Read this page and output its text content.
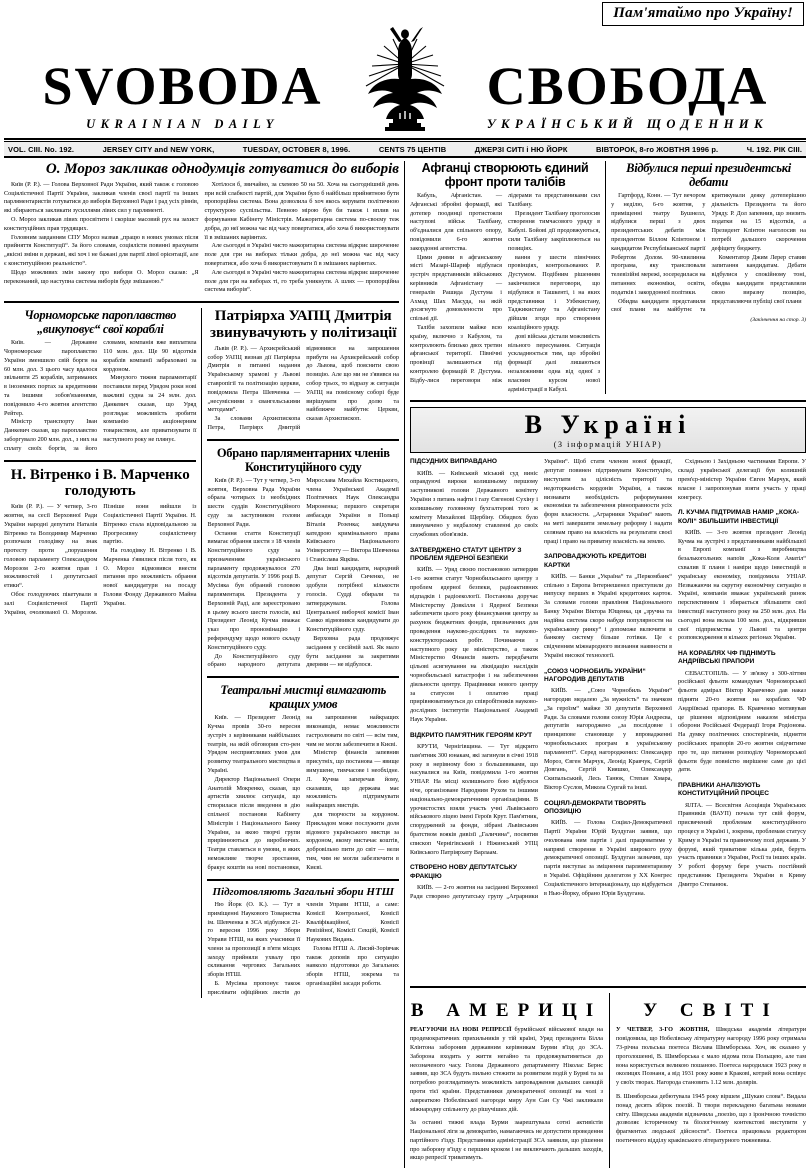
Пам'ятаймо про Україну!
SVOBODA
UKRAINIAN DAILY
СВОБОДА
УКРАЇНСЬКИЙ ЩОДЕННИК
VOL. CIII. No. 192.	JERSEY CITY and NEW YORK,	TUESDAY, OCTOBER 8, 1996.	CENTS 75 ЦЕНТІВ	ДЖЕРЗІ СИТІ і НЮ ЙОРК	ВІВТОРОК, 8-го ЖОВТНЯ 1996 р.	Ч. 192. РІК CIII.
О. Мороз закликав однодумців готуватися до виборів

Київ (Р. Р.). — Голова Верховної Ради України, який також є головою Соціялістичної Партії України, закликав членів своєї партії та інших парляментаристів готуватися до виборів Верховної Ради і рад усіх рівнів, які збираються закликати зусиллями лівих сил у парляменті.

О. Мороз закликав лівих просвітити і скоріше масовий рух на захист конституційних прав трудящих.

Головним завданням СПУ Мороз назвав „працю в нових умовах після прийняття Конституції“. За його словами, соціялісти повинні врахувати „якісні зміни в державі, які хоч і не бажані для партії лівої орієнтації, але є конституційною реальністю“.

Щодо можливих змін закону про вибори О. Мороз сказав: „Я переконаний, що наступна система виборів буде змішаною.“

Хотілося б, звичайно, за схемою 50 на 50. Хоча на сьогоднішній день при всій слабкості партій, для України було б найбільш прийнятною бути пропорційна система. Вона дозволила б хоч якось керувати політичною структурою суспільства. Певною мірою був би також і вплив на формування Кабінету Міністрів. Мажоритарна система по-своєму теж добра, до неї можна час від часу повертатися, або хоча б використовувати її в змішаних варіянтах.

Але сьогодні в Україні чисто мажоритарна система відкриє широченне поле для гри на виборах тільки добра, до неї можна час від часу повертатися, або хоча б використовувати її в змішаних варіянтах.

Але сьогодні в Україні чисто мажоритарна система відкриє широченне поле для гри на виборах ті, го треба уникнути. А шлях — пропорційна система виборів“.

Чорноморське пароплавство „викуповує“ свої кораблі

Київ. — Державне Чорноморське пароплавство України зменшило свій борги на 60 млн. дол. З цього часу вдалося звільнити 25 кораблів, затриманих в іноземних портах за кредитними та іншими зобов'язаннями, повідомило 4-го жовтня агентство Рейтер.

Міністр транспорту Іван Данкевич сказав, що пароплавство заборгувало 200 млн. дол., з них на сплату своїх боргів, за його словами, компанія вже виплатила 110 млн. дол. Ще 90 відсотків кораблів компанії забраховані за кордоном.

Минулого тижня парламентарії поставили перед Урядом роки нові важливі судна за 24 млн. дол. Данкевич сказав, що Уряд розглядає можливість зробити компанію акціонерним товариством, але приватизувати її наступного року не плянує.

Н. Вітренко і В. Марченко голодують

Київ (Р. Р.). — У четвер, 3-го жовтня, на сесії Верховної Ради України народні депутати Наталія Вітренко та Володимир Марченко розпочали голодівку на знак протесту проти „порушення головою парламенту Олександром Морозом 2-го жовтня прав і можливостей і депутатської етики“.

Обоє голодуючих пікетували в залі Соціялістичної Партії України, очолюваної О. Морозом. Пізніше вони вийшли із Соціялістичної Партії України. Н. Вітренко стала відповідальною за Прогресивну соціялістичну партію.

На голодівку Н. Вітренко і В. Марченка з'явилися після того, як О. Мороз відмовився внести питання про можливість обрання нової кандидатури на посаду Голови Фонду Державного Майна України.

Патріярха УАПЦ Дмитрія звинувачують у політизації

Львів (Р. Р.). — Архиєрейський собор УАПЦ визнав дії Патріярха Дмитрія в питанні надання Українському храмові у Львові ставропігії та політизацію церкви, повідомила Петра Шевченка — „несумісними з євангельськими методами“.

За словами Архиєпископа Петра, Патріярх Дмитрій відмовився на запрошення прибути на Архиєрейський собор до Львова, щоб пояснити свою позицію. Але що ми не з'явився на собор трьох, то відразу ж ситуація УАПЦ на помісному соборі буде вирішувати про долю та найближче майбутнє Церкви, сказав Архиєпископ.

Обрано парляментарних членів Конституційного суду

Київ (Р. Р.). — Тут у четвер, 3-го жовтня, Верховна Рада України обрала чотирьох із необхідних шести суддів Конституційного суду за заступником голови Верховної Ради.

Остання стаття Конституції вимагає обрання шести з 18 членів Конституційного суду за призначенням українського парламенту продовжувалося 270 відсотків депутатів. У 1996 році В. Мусіяка був обраний головою парляментаря. Президента у Верховній Раді, але зареєстровано в цьому всього шести голосів, які Президент Леонід Кучма вважає указ про прономінацію і референдуму щодо нового складу Конституційного суду.

До Конституційного суду обрано народного депутата Мирослава Михайла Костицького, члена Української Академії Політичних Наук Олександра Мироненка; першого секретаря амбасади України в Польщі Віталія Розенка; завідувача катедрою кримінального права Київського Національного Університету — Віктора Шевченка і Станіслава Яцківа.

Два інші кандидати, народний депутат Сергій Сиченко, не здобули потрібної кількости голосів. Судді обирали та затверджували. Голова Центральної виборчої комісії Іван Самко відмовився кандидувати до Конституційного суду.

Верховна рада продовжує засідання у сесійній залі. Як мало бути засідання за закритими дверями — не відбулося.

Театральні мистці вимагають кращих умов

Київ. — Президент Леонід Кучма провів 30-го вересня зустріч з керівниками найбільших театрів, на якій обговорив сто-рен Урядом несприятливих умов для розвитку театрального мистецтва в Україні.

Директор Національної Опери Анатолій Мокренко, сказав, що артистів хвилює ситуація, що створилася після введення в дію спільної постанови Кабінету Міністрів і Національного Банку України, за якою творчі групи прирівнюються до виробничих. Театри ставляться в умови, в яких неможливе творче зростання, бракує коштів на нові постановки, на запрошення найкращих виконавців, немає можливости гастролювати по світі — всім тим, чим не могли забезпечити в Києві.

Міністер фінансів запевнив присутніх, що постанова — явище вимушене, тимчасове і необхідне. Л. Кучма заперечав йому, сказавши, що держава має можливість підтримувати найкращих мистців.

для творчости за кордоном. Прикладом може послужити доля відомого українського мистця за кордоном, якому вистачає коштів, добровільно пити до світ — вели тим, чим не могли забезпечити в Києві.

Підготовляють Загальні збори НТШ

Ню Йорк (О. К.). — Тут в приміщенні Наукового Товариства ім. Шевченка в ЗСА відбулися 21-го вересня 1996 року Збори Управи НТШ, на яких учасники її члени за пропозиції в п'яти місцях заходу прийняли ухвалу про скликання чергових Загальних зборів НТШ.

Б. Мусіяка пропонує також прислівати офіційних листів до членів Управи НТШ, а саме: Комісії Контрольної, Комісії Кваліфікаційної, Комісії Ревізійної, Комісії Секцій, Комісії Наукових Видань.

Голова НТШ А. Лисий-Зорівчак також доповів про ситуацію навколо підготовки до Загальних зборів НТШ, зокрема та організаційні засади роботи.

Афганці створюють єдиний фронт проти талібів

Кабуль, Афганістан. — Афганські збройні формації, які дотепер поодинці протистояли наступові військ Талібану, об'єдналися для спільного опору, повідомили 6-го жовтня закордонні агентства.

Цими днями в афганському місті Мазарі-Шариф відбулася зустріч представників військових керівників Афганістану — генералів Рашида Дустума і Ахмад Шах Масуда, на якій досягнуто домовлености про спільні дії.

Таліби захопили майже всю країну, включно з Кабулом, та контролюють близько двох третин афганської території. Північні провінції залишаються під контролею формацій Р. Дустума. Відбу-лися переговори між лідерами та представниками сил Талібану.

Президент Талібану проголосив створення тимчасового уряду в Кабулі. Бойові дії продовжуються, сили Талібану закріплюються на позиціях.

вання у шести північних провінціях, контрольованих Р. Дустумом. Подібним рішенням закінчилися переговори, що відбулися в Ташкенті, і на яких представники і Узбекистану, Таджикистану та Афганістану дійшли згоди про створення коаліційного уряду.

дові війська дістали можливість вільного пересування. Ситуація ускладнюється тим, що збройні формації далі лишаються незалежними одна від одної з власним курсом нової адміністрації в Кабулі.

Відбулися перші президентські дебати

Гартфорд, Конн. — Тут вечором у неділю, 6-го жовтня, у приміщенні театру Бушнелл, відбулися перші з двох президентських дебатів між президентом Біллом Клінтоном і кандидатом Республіканської партії Робертом Долом. 90-хвилинна програма, яку транслювали телевізійні мережі, зосередилася на питаннях економіки, освіти, податків і закордонної політики.

Обидва кандидати представили свої плани на майбутнє та критикували деяку дотеперішню діяльність Президента та його Уряду. Р. Дол запевнив, що знизить податки на 15 відсотків, а Президент Клінтон наголосив на потребі дальшого скорочення дефіциту бюджету.

Коментатор Джим Лерер ставив запитання кандидатам. Дебати відбулися у спокійному тоні, обидва кандидати представляли свою виразну позицію, представляючи публіці свої плани

(Закінчення на стор. 3)
В Україні
(З інформацій УНІАР)
ПІДСУДНИХ ВИПРАВДАНО

КИЇВ. — Київський міський суд виніс оправдуючі вироки колишньому першому заступникові голови Державного комітету України з питань нафти і газу Євгенові Сухіну і колишньому головному бухгалтерові того ж комітету Михайлові Щербіну. Обидвох було звинувачено у недбалому ставленні до своїх службових обов'язків.

ЗАТВЕРДЖЕНО СТАТУТ ЦЕНТРУ З ПРОБЛЕМ ЯДЕРНОЇ БЕЗПЕКИ

КИЇВ. — Уряд своєю постановою затвердив 1-го жовтня статут Чорнобильського центру з проблем ядерної безпеки, радіоактивних відпадків і радіоекології. Постанова доручає Міністерству Довкілля і Ядерної Безпеки забезпечити цього року фінансування центру за рахунок бюджетних фондів, призначених для проведення науково-дослідних та науково-конструкторських робіт. Починаючи з наступного року це міністерство, а також Міністерство Фінансів мають передбачати цільові асигнування на ліквідацію наслідків чорнобильської катастрофи і на забезпечення діяльности центру. Працівники нового центру за статусом і оплатою праці прирівнюватимуться до співробітників науково-дослідних інститутів Національної Академії Наук України.

ВІДКРИТО ПАМ'ЯТНИК ГЕРОЯМ КРУТ

КРУТИ, Чернігівщина. — Тут відкрито пам'ятник 300 юнакам, які загинули в січні 1918 року в нерівному бою з большевиками, що насувалися на Київ, повідомила 1-го жовтня УНІАР. На місці колишнього бою відбулося віче, організоване Народним Рухом та іншими національно-демократичними організаціями. В урочистостях взяли участь учні Львівського військового ліцею імені Героїв Крут. Пам'ятник, споруджений за фонди, зібрані Львівським братством вояків дивізії „Галичина“, посвятив єпископ Чернігівський і Ніжинський УПЦ Київського Патріярхату Варлаам.

СТВОРЕНО НОВУ ДЕПУТАТСЬКУ ФРАКЦІЮ

КИЇВ. — 2-го жовтня на засіданні Верховної Ради створено депутатську групу „Аграрники України“. Щоб стати членом нової фракції, депутат повинен підтримувати Конституцію, виступати за цілісність території та недоторканість кордонів України, а також визнавати необхідність реформування економіки та забезпечення рівноправности усіх форм власности. „Аграрники України“ мають на меті завершити земельну реформу і надати селянам право на власність на результати своєї праці і право на приватну власність на землю.

ЗАПРОВАДЖУЮТЬ КРЕДИТОВІ КАРТКИ

КИЇВ. — Банки „Україна“ та „Перкомбанк“ спільно з Европа Інтернешенел приступили до випуску перших в Україні кредитових карток. За словами голови правління Національного Банку України Віктора Ющенка, ця „зручна та надійна система скоро набуде популярности на українському ринку“ і допоможе включити в банкову систему більше готівки. Це є свідченням міжнародного визнання наявности в Україні високої технології.

„СОЮЗ ЧОРНОБИЛЬ УКРАЇНИ“ НАГОРОДИВ ДЕПУТАТІВ

КИЇВ. — „Союз Чорнобиль України“ нагородив медалею „За мужність“ та значком „За героїзм“ майже 30 депутатів Верховної Ради. За словами голови союзу Юрія Андреєва, депутатів нагороджено „за послідовне і принципове становище у впровадженні чорнобильських програм в українському парламенті“. Серед нагороджених: Олександер Мороз, Євген Марчук, Леонід Кравчук, Сергій Довгань, Сергій Кияшко, Олександер Скипальський, Лесь Танюк, Степан Хмара, Віктор Суслов, Микола Сургай та інші.

СОЦІЯЛ-ДЕМОКРАТИ ТВОРЯТЬ ОПОЗИЦІЮ

КИЇВ. — Голова Соціял-Демократичної Партії України Юрій Буздуган заявив, що очолювана ним партія і далі працюватиме у напрямі створення в Україні широкого руху демократичної опозиції. Буздуган зазначив, що партія виступає за зміцнення парляментаризму в Україні. Офіційним делегатом у XX Конгрес Соціялістичного інтернаціоналу, що відбудеться в Нью-Йорку, обрано Юрія Буздугана.

Східньою і Західньою частинами Европи. У складі української делегації був колишній прем'єр-міністер України Євген Марчук, який власне і запропонував взяти участь у праці конгресу.

Л. КУЧМА ПІДТРИМАВ НАМІР „КОКА-КОЛІ“ ЗБІЛЬШИТИ ІНВЕСТИЦІЇ

КИЇВ. — 3-го жовтня президент Леонід Кучма на зустрічі з представниками найбільшої в Европі компанії з виробництва безалькогольних напоїв „Кока-Коля Аматіл“ схвалив її плани і наміри щодо інвестицій в українську економіку, повідомила УНІАР. Незважаючи на скрутну економічну ситуацію в Україні, компанія вважає український ринок перспективним і збирається збільшити свої інвестиції наступного року на 250 млн. дол. На сьогодні вона вклала 100 млн. дол., відкривши свої підприємства у Львові та центри розповсюдження в кількох регіонах України.

НА КОРАБЛЯХ ЧФ ПІДНІМУТЬ АНДРІЇВСЬКІ ПРАПОРИ

СЕВАСТОПІЛЬ. — У зв'язку з 300-літтям російської фльоти командувач Чорноморської фльоти адмірал Віктор Кравченко дав наказ підняти 20-го жовтня на кораблях ЧФ Андріївські прапори. В. Кравченко мотивував це рішення відповідним наказом міністра оборони Російської Федерації Ігоря Родіонова. На думку політичних спостерігачів, підняття російських прапорів 20-го жовтня свідчитиме про те, що питання розподілу Чорноморської фльоти буде повністю вирішене саме до цієї дати.

ПРАВНИКИ АНАЛІЗУЮТЬ КОНСТИТУЦІЙНИЙ ПРОЦЕС

ЯЛТА. — Всесвітня Асоціяція Українських Правників (ВАУП) почала тут свій форум, присвячений проблемам конституційного процесу в Україні і, зокрема, проблемам статусу Криму в Україні та правничому полі держави. У форумі, який триватиме кілька днів, беруть участь правники з України, Росії та інших країн. У роботі форуму бере участь постійний представник Президента України в Криму Дмитро Степанюк.

В АМЕРИЦІ

РЕАГУЮЧИ НА НОВІ РЕПРЕСІЇ бурмійської військової влади на продемократичних прихильників у тій країні, Уряд президента Білла Клінтона заборонив державним керівникам Бурми в'їзд до ЗСА. Заборона входить у життя негайно та продовжуватиметься до неозначеного часу. Голова Державного департаменту Ніколас Бернс заявив, що ЗСА будуть пильно стежити за розвитком подій у Бурмі та за потребою розглядатимуть можливість запровадження дальших санкцій проти тієї країни. Представники демократичної опозиції на чолі з лавреаткою Нобелівської нагороди миру Аун Сан Су Чжі закликали міжнародну спільноту до рішучіших дій.

За останні тижні влада Бурми заарештувала сотні активістів Національної ліги за демократію, намагаючись не допустити проведення партійного з'їзду. Представники адміністрації ЗСА заявили, що рішення про заборону в'їзду є першим кроком і не виключають дальших заходів, якщо репресії триватимуть.

У СВІТІ

У ЧЕТВЕР, 3-ГО ЖОВТНЯ, Шведська академія літератури повідомила, що Нобелівську літературну нагороду 1996 року отримала 73-річна польська поетеса Віслава Шимборська. Хоч, як сказано у проголошенні, В. Шимборська є мало відома поза Польщею, але там вона користується великою пошаною. Поетеса народилася 1923 року в околицях Познаня, а від 1931 року живе в Кракові, котрий вона оспівує у своїх творах. Нагорода становить 1.12 млн. долярів.

В. Шимборська дебютувала 1945 року віршем „Шукаю слова“. Видала понад десять збірок поезій. Її твори перекладено багатьма мовами світу. Шведська академія відзначила „поезію, що з іронічною точністю дозволяє історичному та біологічному контекстові виступити у фрагментах людської дійсности“. Поетеса працювала редактором поетичного відділу краківського літературного тижневика.
